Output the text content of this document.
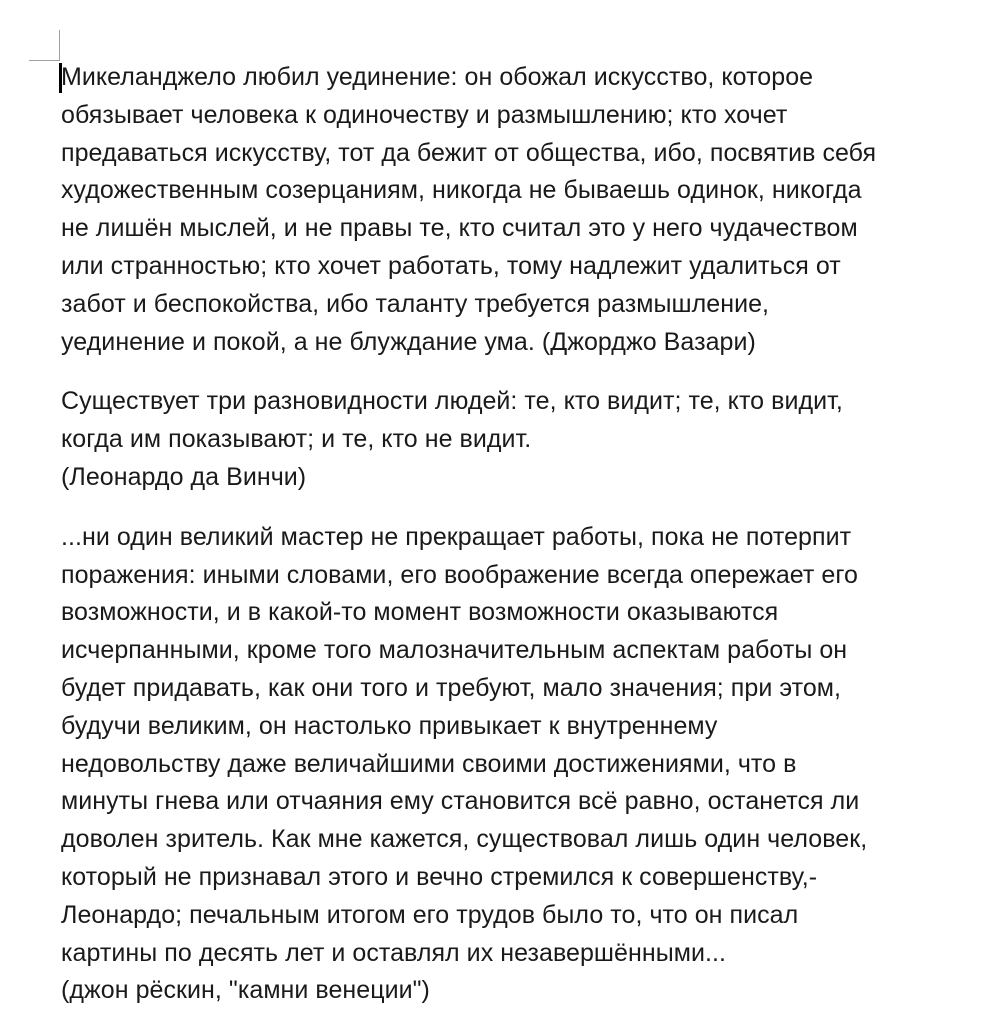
Микеланджело любил уединение: он обожал искусство, которое
обязывает человека к одиночеству и размышлению; кто хочет
предаваться искусству, тот да бежит от общества, ибо, посвятив себя
художественным созерцаниям, никогда не бываешь одинок, никогда
не лишён мыслей, и не правы те, кто считал это у него чудачеством
или странностью; кто хочет работать, тому надлежит удалиться от
забот и беспокойства, ибо таланту требуется размышление,
уединение и покой, а не блуждание ума. (Джорджо Вазари)

Существует три разновидности людей: те, кто видит; те, кто видит,
когда им показывают; и те, кто не видит.
(Леонардо да Винчи)

...ни один великий мастер не прекращает работы, пока не потерпит
поражения: иными словами, его воображение всегда опережает его
возможности, и в какой-то момент возможности оказываются
исчерпанными, кроме того малозначительным аспектам работы он
будет придавать, как они того и требуют, мало значения; при этом,
будучи великим, он настолько привыкает к внутреннему
недовольству даже величайшими своими достижениями, что в
минуты гнева или отчаяния ему становится всё равно, останется ли
доволен зритель. Как мне кажется, существовал лишь один человек,
который не признавал этого и вечно стремился к совершенству,-
Леонардо; печальным итогом его трудов было то, что он писал
картины по десять лет и оставлял их незавершёнными...
(джон рёскин, "камни венеции")
